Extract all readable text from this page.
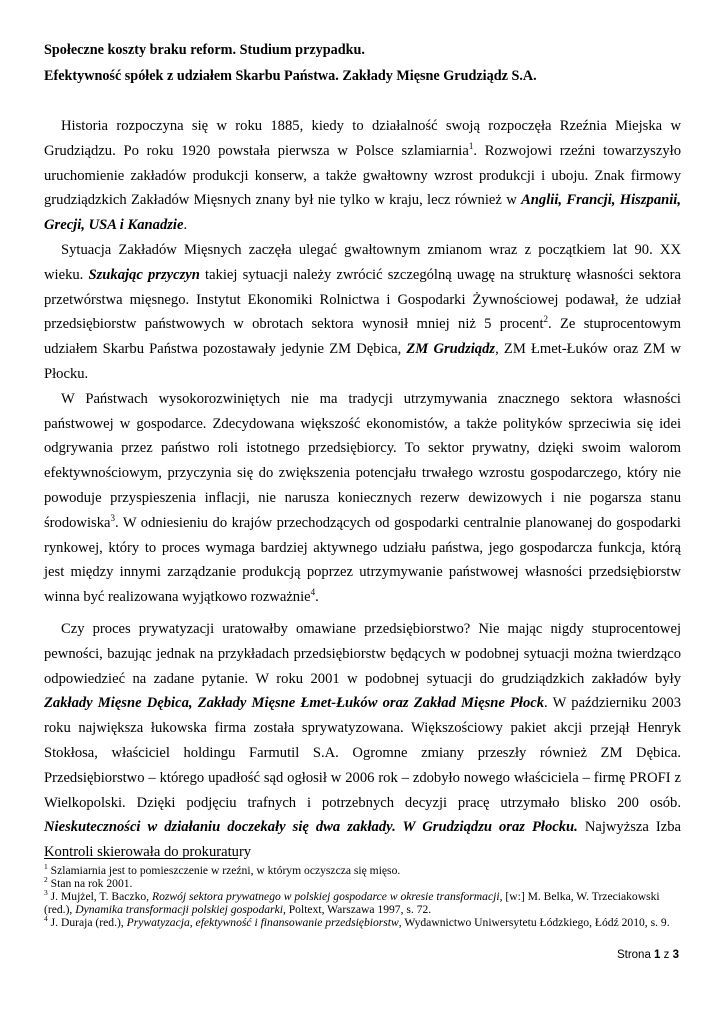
Społeczne koszty braku reform. Studium przypadku.

Efektywność spółek z udziałem Skarbu Państwa. Zakłady Mięsne Grudziądz S.A.

Historia rozpoczyna się w roku 1885, kiedy to działalność swoją rozpoczęła Rzeźnia Miejska w Grudziądzu. Po roku 1920 powstała pierwsza w Polsce szlamiarnia$^1$. Rozwojowi rzeźni towarzyszyło uruchomienie zakładów produkcji konserw, a także gwałtowny wzrost produkcji i uboju. Znak firmowy grudziądzkich Zakładów Mięsnych znany był nie tylko w kraju, lecz również w Anglii, Francji, Hiszpanii, Grecji, USA i Kanadzie.

Sytuacja Zakładów Mięsnych zaczęła ulegać gwałtownym zmianom wraz z początkiem lat 90. XX wieku. Szukając przyczyn takiej sytuacji należy zwrócić szczególną uwagę na strukturę własności sektora przetwórstwa mięsnego. Instytut Ekonomiki Rolnictwa i Gospodarki Żywnościowej podawał, że udział przedsiębiorstw państwowych w obrotach sektora wynosił mniej niż 5 procent$^2$. Ze stuprocentowym udziałem Skarbu Państwa pozostawały jedynie ZM Dębica, ZM Grudziądz, ZM Łmet-Łuków oraz ZM w Płocku.

W Państwach wysokorozwiniętych nie ma tradycji utrzymywania znacznego sektora własności państwowej w gospodarce. Zdecydowana większość ekonomistów, a także polityków sprzeciwia się idei odgrywania przez państwo roli istotnego przedsiębiorcy. To sektor prywatny, dzięki swoim walorom efektywnościowym, przyczynia się do zwiększenia potencjału trwałego wzrostu gospodarczego, który nie powoduje przyspieszenia inflacji, nie narusza koniecznych rezerw dewizowych i nie pogarsza stanu środowiska$^3$. W odniesieniu do krajów przechodzących od gospodarki centralnie planowanej do gospodarki rynkowej, który to proces wymaga bardziej aktywnego udziału państwa, jego gospodarcza funkcja, którą jest między innymi zarządzanie produkcją poprzez utrzymywanie państwowej własności przedsiębiorstw winna być realizowana wyjątkowo rozważnie$^4$.

Czy proces prywatyzacji uratowałby omawiane przedsiębiorstwo? Nie mając nigdy stuprocentowej pewności, bazując jednak na przykładach przedsiębiorstw będących w podobnej sytuacji można twierdząco odpowiedzieć na zadane pytanie. W roku 2001 w podobnej sytuacji do grudziądzkich zakładów były Zakłady Mięsne Dębica, Zakłady Mięsne Łmet-Łuków oraz Zakład Mięsne Płock. W październiku 2003 roku największa łukowska firma została sprywatyzowana. Większościowy pakiet akcji przejął Henryk Stokłosa, właściciel holdingu Farmutil S.A. Ogromne zmiany przeszły również ZM Dębica. Przedsiębiorstwo – którego upadłość sąd ogłosił w 2006 rok – zdobyło nowego właściciela – firmę PROFI z Wielkopolski. Dzięki podjęciu trafnych i potrzebnych decyzji pracę utrzymało blisko 200 osób. Nieskuteczności w działaniu doczekały się dwa zakłady. W Grudziądzu oraz Płocku. Najwyższa Izba Kontroli skierowała do prokuratury

$^1$ Szlamiarnia jest to pomieszczenie w rzeźni, w którym oczyszcza się mięso.

$^2$ Stan na rok 2001.

$^3$ J. Mujżel, T. Baczko, Rozwój sektora prywatnego w polskiej gospodarce w okresie transformacji, [w:] M. Belka, W. Trzeciakowski (red.), Dynamika transformacji polskiej gospodarki, Poltext, Warszawa 1997, s. 72.

$^4$ J. Duraja (red.), Prywatyzacja, efektywność i finansowanie przedsiębiorstw, Wydawnictwo Uniwersytetu Łódzkiego, Łódź 2010, s. 9.

Strona 1 z 3
